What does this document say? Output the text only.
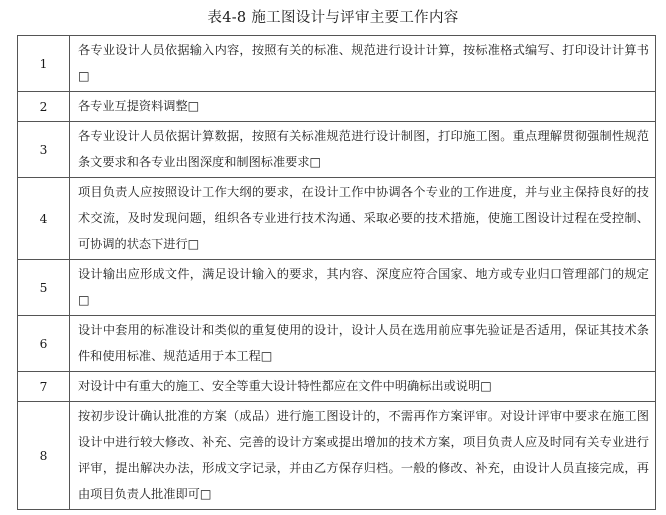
表4-8 施工图设计与评审主要工作内容
1	各专业设计人员依据输入内容，按照有关的标准、规范进行设计计算，按标准格式编写、打印设计计算书□
2	各专业互提资料调整□
3	各专业设计人员依据计算数据，按照有关标准规范进行设计制图，打印施工图。重点理解贯彻强制性规范条文要求和各专业出图深度和制图标准要求□
4	项目负责人应按照设计工作大纲的要求，在设计工作中协调各个专业的工作进度，并与业主保持良好的技术交流，及时发现问题，组织各专业进行技术沟通、采取必要的技术措施，使施工图设计过程在受控制、可协调的状态下进行□
5	设计输出应形成文件，满足设计输入的要求，其内容、深度应符合国家、地方或专业归口管理部门的规定□
6	设计中套用的标准设计和类似的重复使用的设计，设计人员在选用前应事先验证是否适用，保证其技术条件和使用标准、规范适用于本工程□
7	对设计中有重大的施工、安全等重大设计特性都应在文件中明确标出或说明□
8	按初步设计确认批准的方案（成品）进行施工图设计的，不需再作方案评审。对设计评审中要求在施工图设计中进行较大修改、补充、完善的设计方案或提出增加的技术方案，项目负责人应及时同有关专业进行评审，提出解决办法，形成文字记录，并由乙方保存归档。一般的修改、补充，由设计人员直接完成，再由项目负责人批准即可□
